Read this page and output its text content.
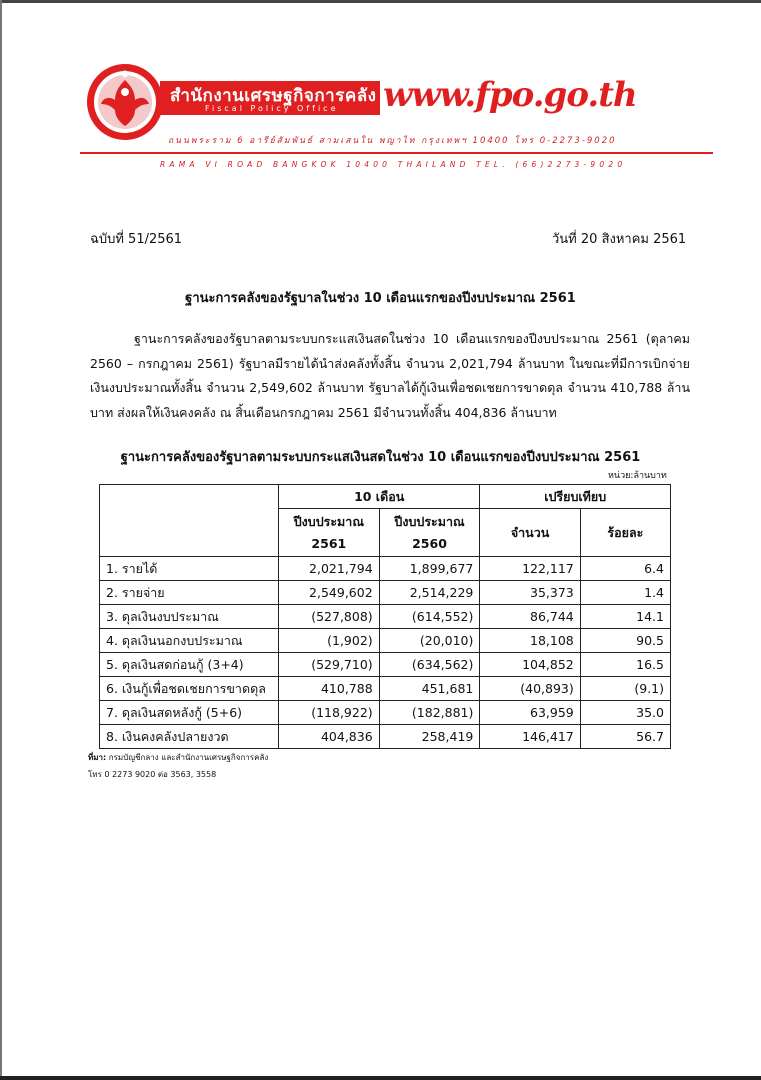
สำนักงานเศรษฐกิจการคลัง
Fiscal Policy Office www.fpo.go.th
ถนนพระราม 6 อารีย์สัมพันธ์ สามเสนใน พญาไท กรุงเทพฯ 10400 โทร 0-2273-9020
RAMA VI ROAD BANGKOK 10400 THAILAND TEL. (66)2273-9020
ฉบับที่ 51/2561	วันที่ 20 สิงหาคม 2561
ฐานะการคลังของรัฐบาลในช่วง 10 เดือนแรกของปีงบประมาณ 2561

ฐานะการคลังของรัฐบาลตามระบบกระแสเงินสดในช่วง 10 เดือนแรกของปีงบประมาณ 2561 (ตุลาคม 2560 – กรกฎาคม 2561) รัฐบาลมีรายได้นำส่งคลังทั้งสิ้น จำนวน 2,021,794 ล้านบาท ในขณะที่มีการเบิกจ่ายเงินงบประมาณทั้งสิ้น จำนวน 2,549,602 ล้านบาท รัฐบาลได้กู้เงินเพื่อชดเชยการขาดดุล จำนวน 410,788 ล้านบาท ส่งผลให้เงินคงคลัง ณ สิ้นเดือนกรกฎาคม 2561 มีจำนวนทั้งสิ้น 404,836 ล้านบาท

ฐานะการคลังของรัฐบาลตามระบบกระแสเงินสดในช่วง 10 เดือนแรกของปีงบประมาณ 2561
หน่วย:ล้านบาท
	10 เดือน		เปรียบเทียบ	
	ปีงบประมาณ 2561	ปีงบประมาณ 2560	จำนวน	ร้อยละ
1. รายได้	2,021,794	1,899,677	122,117	6.4
2. รายจ่าย	2,549,602	2,514,229	35,373	1.4
3. ดุลเงินงบประมาณ	(527,808)	(614,552)	86,744	14.1
4. ดุลเงินนอกงบประมาณ	(1,902)	(20,010)	18,108	90.5
5. ดุลเงินสดก่อนกู้ (3+4)	(529,710)	(634,562)	104,852	16.5
6. เงินกู้เพื่อชดเชยการขาดดุล	410,788	451,681	(40,893)	(9.1)
7. ดุลเงินสดหลังกู้ (5+6)	(118,922)	(182,881)	63,959	35.0
8. เงินคงคลังปลายงวด	404,836	258,419	146,417	56.7
ที่มา: กรมบัญชีกลาง และสำนักงานเศรษฐกิจการคลัง
โทร 0 2273 9020 ต่อ 3563, 3558
